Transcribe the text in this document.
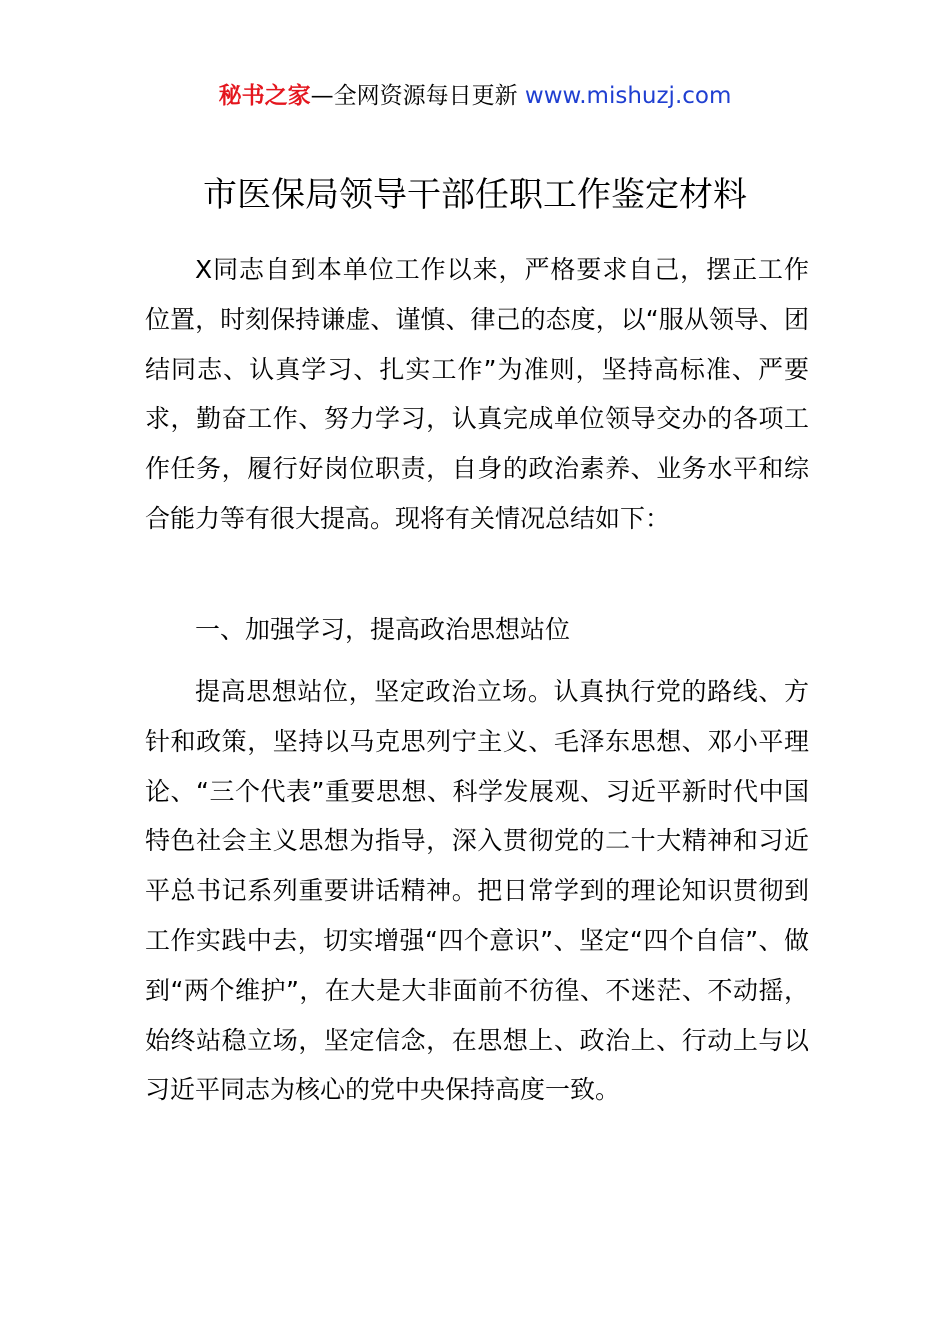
秘书之家—全网资源每日更新 www.mishuzj.com
市医保局领导干部任职工作鉴定材料

X同志自到本单位工作以来，严格要求自己，摆正工作位置，时刻保持谦虚、谨慎、律己的态度，以“服从领导、团结同志、认真学习、扎实工作”为准则，坚持高标准、严要求，勤奋工作、努力学习，认真完成单位领导交办的各项工作任务，履行好岗位职责，自身的政治素养、业务水平和综合能力等有很大提高。现将有关情况总结如下：

一、加强学习，提高政治思想站位

提高思想站位，坚定政治立场。认真执行党的路线、方针和政策，坚持以马克思列宁主义、毛泽东思想、邓小平理论、“三个代表”重要思想、科学发展观、习近平新时代中国特色社会主义思想为指导，深入贯彻党的二十大精神和习近平总书记系列重要讲话精神。把日常学到的理论知识贯彻到工作实践中去，切实增强“四个意识”、坚定“四个自信”、做到“两个维护”，在大是大非面前不彷徨、不迷茫、不动摇，始终站稳立场，坚定信念，在思想上、政治上、行动上与以习近平同志为核心的党中央保持高度一致。
